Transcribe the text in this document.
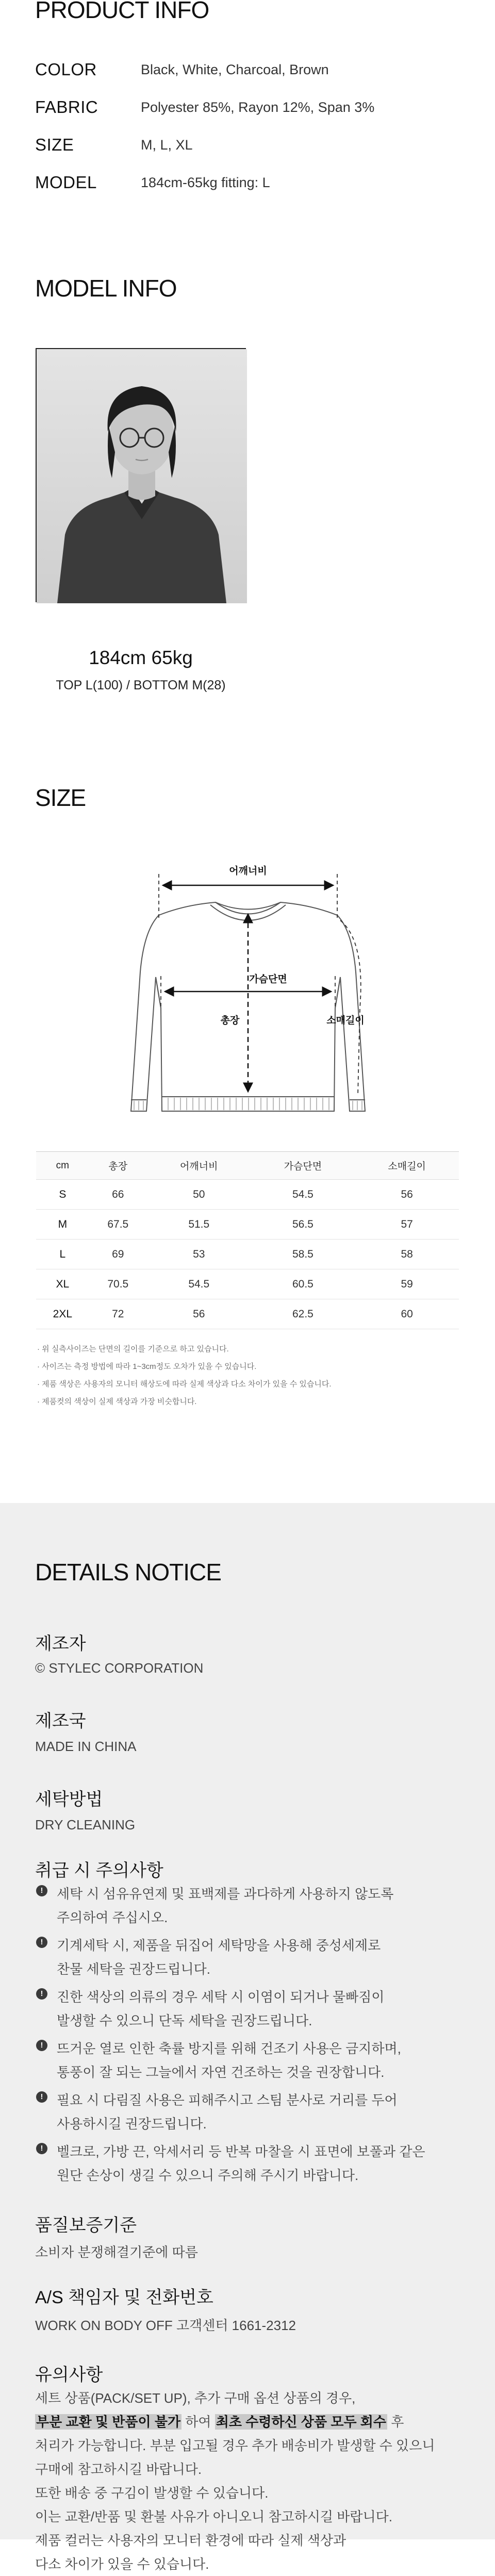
PRODUCT INFO
COLOR	Black, White, Charcoal, Brown
FABRIC	Polyester 85%, Rayon 12%, Span 3%
SIZE	M, L, XL
MODEL	184cm-65kg fitting: L
MODEL INFO
184cm 65kg
TOP L(100) / BOTTOM M(28)
SIZE
어깨너비
가슴단면
총장	소매길이
cm	총장	어깨너비	가슴단면	소매길이
S	66	50	54.5	56
M	67.5	51.5	56.5	57
L	69	53	58.5	58
XL	70.5	54.5	60.5	59
2XL	72	56	62.5	60

· 위 실측사이즈는 단면의 길이를 기준으로 하고 있습니다.

· 사이즈는 측정 방법에 따라 1~3cm정도 오차가 있을 수 있습니다.

· 제품 색상은 사용자의 모니터 해상도에 따라 실제 색상과 다소 차이가 있을 수 있습니다.

· 제품컷의 색상이 실제 색상과 가장 비슷합니다.

DETAILS NOTICE
제조자
© STYLEC CORPORATION
제조국
MADE IN CHINA
세탁방법
DRY CLEANING
취급 시 주의사항
!	세탁 시 섬유유연제 및 표백제를 과다하게 사용하지 않도록
주의하여 주십시오.
!	기계세탁 시, 제품을 뒤집어 세탁망을 사용해 중성세제로
찬물 세탁을 권장드립니다.
!	진한 색상의 의류의 경우 세탁 시 이염이 되거나 물빠짐이
발생할 수 있으니 단독 세탁을 권장드립니다.
!	뜨거운 열로 인한 축률 방지를 위해 건조기 사용은 금지하며,
통풍이 잘 되는 그늘에서 자연 건조하는 것을 권장합니다.
!	필요 시 다림질 사용은 피해주시고 스팀 분사로 거리를 두어
사용하시길 권장드립니다.
!	벨크로, 가방 끈, 악세서리 등 반복 마찰을 시 표면에 보풀과 같은
원단 손상이 생길 수 있으니 주의해 주시기 바랍니다.
품질보증기준
소비자 분쟁해결기준에 따름
A/S 책임자 및 전화번호
WORK ON BODY OFF 고객센터 1661-2312
유의사항

세트 상품(PACK/SET UP), 추가 구매 옵션 상품의 경우,

부분 교환 및 반품이 불가 하여 최초 수령하신 상품 모두 회수 후

처리가 가능합니다. 부분 입고될 경우 추가 배송비가 발생할 수 있으니

구매에 참고하시길 바랍니다.

또한 배송 중 구김이 발생할 수 있습니다.

이는 교환/반품 및 환불 사유가 아니오니 참고하시길 바랍니다.

제품 컬러는 사용자의 모니터 환경에 따라 실제 색상과

다소 차이가 있을 수 있습니다.
